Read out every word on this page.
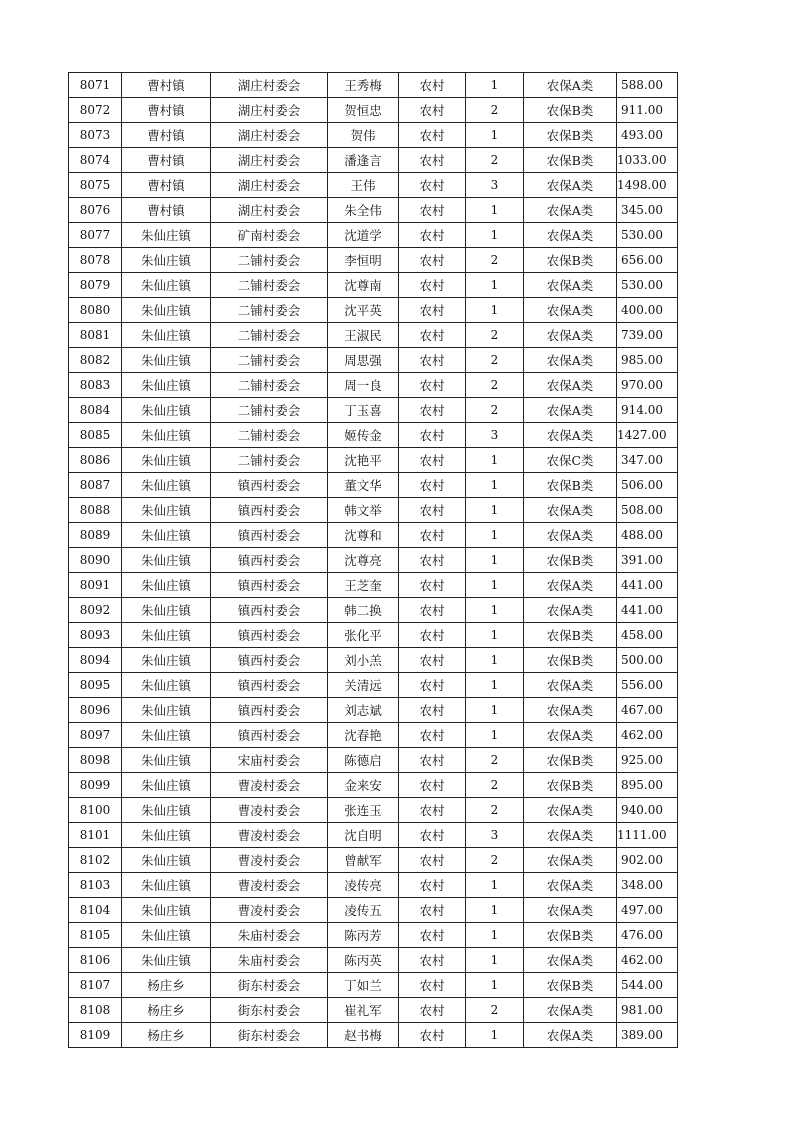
8071	曹村镇	湖庄村委会	王秀梅	农村	1	农保A类	588.00
8072	曹村镇	湖庄村委会	贺恒忠	农村	2	农保B类	911.00
8073	曹村镇	湖庄村委会	贺伟	农村	1	农保B类	493.00
8074	曹村镇	湖庄村委会	潘逢言	农村	2	农保B类	1033.00
8075	曹村镇	湖庄村委会	王伟	农村	3	农保A类	1498.00
8076	曹村镇	湖庄村委会	朱全伟	农村	1	农保A类	345.00
8077	朱仙庄镇	矿南村委会	沈道学	农村	1	农保A类	530.00
8078	朱仙庄镇	二铺村委会	李恒明	农村	2	农保B类	656.00
8079	朱仙庄镇	二铺村委会	沈尊南	农村	1	农保A类	530.00
8080	朱仙庄镇	二铺村委会	沈平英	农村	1	农保A类	400.00
8081	朱仙庄镇	二铺村委会	王淑民	农村	2	农保A类	739.00
8082	朱仙庄镇	二铺村委会	周思强	农村	2	农保A类	985.00
8083	朱仙庄镇	二铺村委会	周一良	农村	2	农保A类	970.00
8084	朱仙庄镇	二铺村委会	丁玉喜	农村	2	农保A类	914.00
8085	朱仙庄镇	二铺村委会	姬传金	农村	3	农保A类	1427.00
8086	朱仙庄镇	二铺村委会	沈艳平	农村	1	农保C类	347.00
8087	朱仙庄镇	镇西村委会	董文华	农村	1	农保B类	506.00
8088	朱仙庄镇	镇西村委会	韩文举	农村	1	农保A类	508.00
8089	朱仙庄镇	镇西村委会	沈尊和	农村	1	农保A类	488.00
8090	朱仙庄镇	镇西村委会	沈尊亮	农村	1	农保B类	391.00
8091	朱仙庄镇	镇西村委会	王芝奎	农村	1	农保A类	441.00
8092	朱仙庄镇	镇西村委会	韩二换	农村	1	农保A类	441.00
8093	朱仙庄镇	镇西村委会	张化平	农村	1	农保B类	458.00
8094	朱仙庄镇	镇西村委会	刘小羔	农村	1	农保B类	500.00
8095	朱仙庄镇	镇西村委会	关清远	农村	1	农保A类	556.00
8096	朱仙庄镇	镇西村委会	刘志斌	农村	1	农保A类	467.00
8097	朱仙庄镇	镇西村委会	沈春艳	农村	1	农保A类	462.00
8098	朱仙庄镇	宋庙村委会	陈德启	农村	2	农保B类	925.00
8099	朱仙庄镇	曹凌村委会	金来安	农村	2	农保B类	895.00
8100	朱仙庄镇	曹凌村委会	张连玉	农村	2	农保A类	940.00
8101	朱仙庄镇	曹凌村委会	沈自明	农村	3	农保A类	1111.00
8102	朱仙庄镇	曹凌村委会	曾献军	农村	2	农保A类	902.00
8103	朱仙庄镇	曹凌村委会	凌传亮	农村	1	农保A类	348.00
8104	朱仙庄镇	曹凌村委会	凌传五	农村	1	农保A类	497.00
8105	朱仙庄镇	朱庙村委会	陈丙芳	农村	1	农保B类	476.00
8106	朱仙庄镇	朱庙村委会	陈丙英	农村	1	农保A类	462.00
8107	杨庄乡	街东村委会	丁如兰	农村	1	农保B类	544.00
8108	杨庄乡	街东村委会	崔礼军	农村	2	农保A类	981.00
8109	杨庄乡	街东村委会	赵书梅	农村	1	农保A类	389.00
